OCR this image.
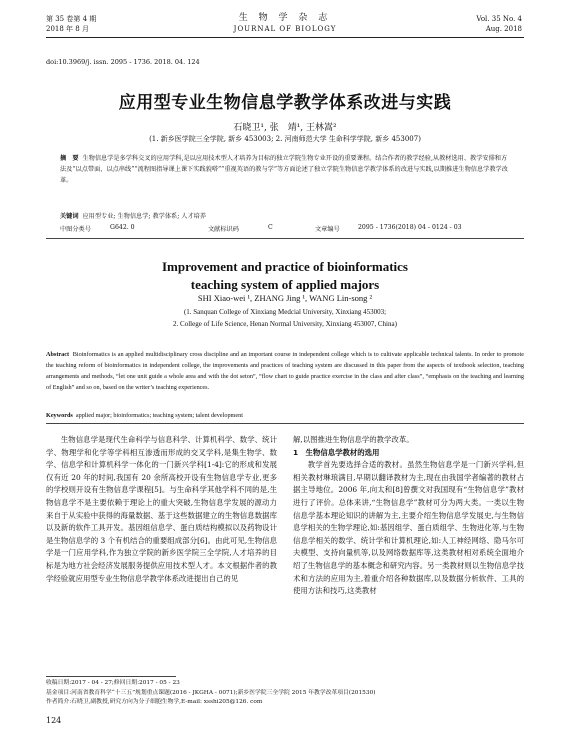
第 35 卷第 4 期
2018 年 8 月
生 物 学 杂 志
JOURNAL OF BIOLOGY
Vol. 35 No. 4
Aug. 2018
doi:10.3969/j. issn. 2095 - 1736. 2018. 04. 124
应用型专业生物信息学教学体系改进与实践
石晓卫¹, 张　靖¹, 王林嵩²
(1. 新乡医学院三全学院, 新乡 453003; 2. 河南师范大学 生命科学学院, 新乡 453007)
摘　要 生物信息学是多学科交叉的应用学科,是以应用技术型人才培养为目标的独立学院生物专业开设的重要课程。结合作者的教学经验,从教材选用、教学安排和方法及“以点带面、以点串线”“流程图指导课上课下实践貌嗒”“重视英语的教与学”等方面论述了独立学院生物信息学教学体系的改进与实践,以期推进生物信息学教学改革。
关键词 应用型专业; 生物信息学; 教学体系; 人才培养
中图分类号	G642. 0	文献标识码	C	文章编号	2095 - 1736(2018) 04 - 0124 - 03
Improvement and practice of bioinformatics
teaching system of applied majors
SHI Xiao-wei ¹, ZHANG Jing ¹, WANG Lin-song ²
(1. Sanquan College of Xinxiang Medcial University, Xinxiang 453003;
2. College of Life Science, Henan Normal University, Xinxiang 453007, China)
Abstract Bioinformatics is an applied multidisciplinary cross discipline and an important course in independent college which is to cultivate applicable technical talents. In order to promote the teaching reform of bioinformatics in independent college, the improvements and practices of teaching system are discussed in this paper from the aspects of textbook selection, teaching arrangements and methods, “let one unit guide a whole area and with the dot seton”, “flow chart to guide practice exercise in the class and after class”, “emphasis on the teaching and learning of English” and so on, based on the writer’s teaching experiences.
Keywords applied major; bioinformatics; teaching system; talent development

生物信息学是现代生命科学与信息科学、计算机科学、数学、统计学、物理学和化学等学科相互渗透而形成的交叉学科,是集生物学、数学、信息学和计算机科学一体化的一门新兴学科[1-4]:它的形成和发展仅有近 20 年的时间,我国有 20 余所高校开设有生物信息学专业,更多的学校则开设有生物信息学课程[5]。与生命科学其他学科不同的是,生物信息学不是主要依赖于理论上的重大突破,生物信息学发展的源动力来自于从实验中获得的海量数据、基于这些数据建立的生物信息数据库以及新的软件工具开发。基因组信息学、蛋白质结构模拟以及药物设计是生物信息学的 3 个有机结合的重要组成部分[6]。由此可见,生物信息学是一门应用学科,作为独立学院的新乡医学院三全学院,人才培养的目标是为地方社会经济发展服务提供应用技术型人才。本文根据作者的教学经验就应用型专业生物信息学教学体系改进提出自己的见

解,以图推进生物信息学的教学改革。

1　生物信息学教材的选用

教学首先要选择合适的教材。虽然生物信息学是一门新兴学科,但相关教材琳琅满目,早期以翻译教材为主,现在由我国学者编著的教材占据主导地位。2006 年,向太和[8]曾撰文对我国现有“生物信息学”教材进行了评价。总体来讲,“生物信息学”教材可分为两大类。一类以生物信息学基本理论知识的讲解为主,主要介绍生物信息学发展史,与生物信息学相关的生物学理论,如:基因组学、蛋白质组学、生物进化等,与生物信息学相关的数学、统计学和计算机理论,如:人工神经网络、隐马尔可夫模型、支持向量机等,以及网络数据库等,这类教材相对系统全面地介绍了生物信息学的基本概念和研究内容。另一类教材则以生物信息学技术和方法的应用为主,着重介绍各种数据库,以及数据分析软件、工具的使用方法和技巧,这类教材

收稿日期:2017 - 04 - 27;修回日期:2017 - 05 - 23
基金项目:河南省教育科学“十三五”规划重点课题(2016 - JKGHA - 0071);新乡医学院三全学院 2015 年教学改革项目(201530)
作者简介:石晓卫,副教授,研究方向为分子细胞生物学,E-mail: xsshi205@126. com
124
